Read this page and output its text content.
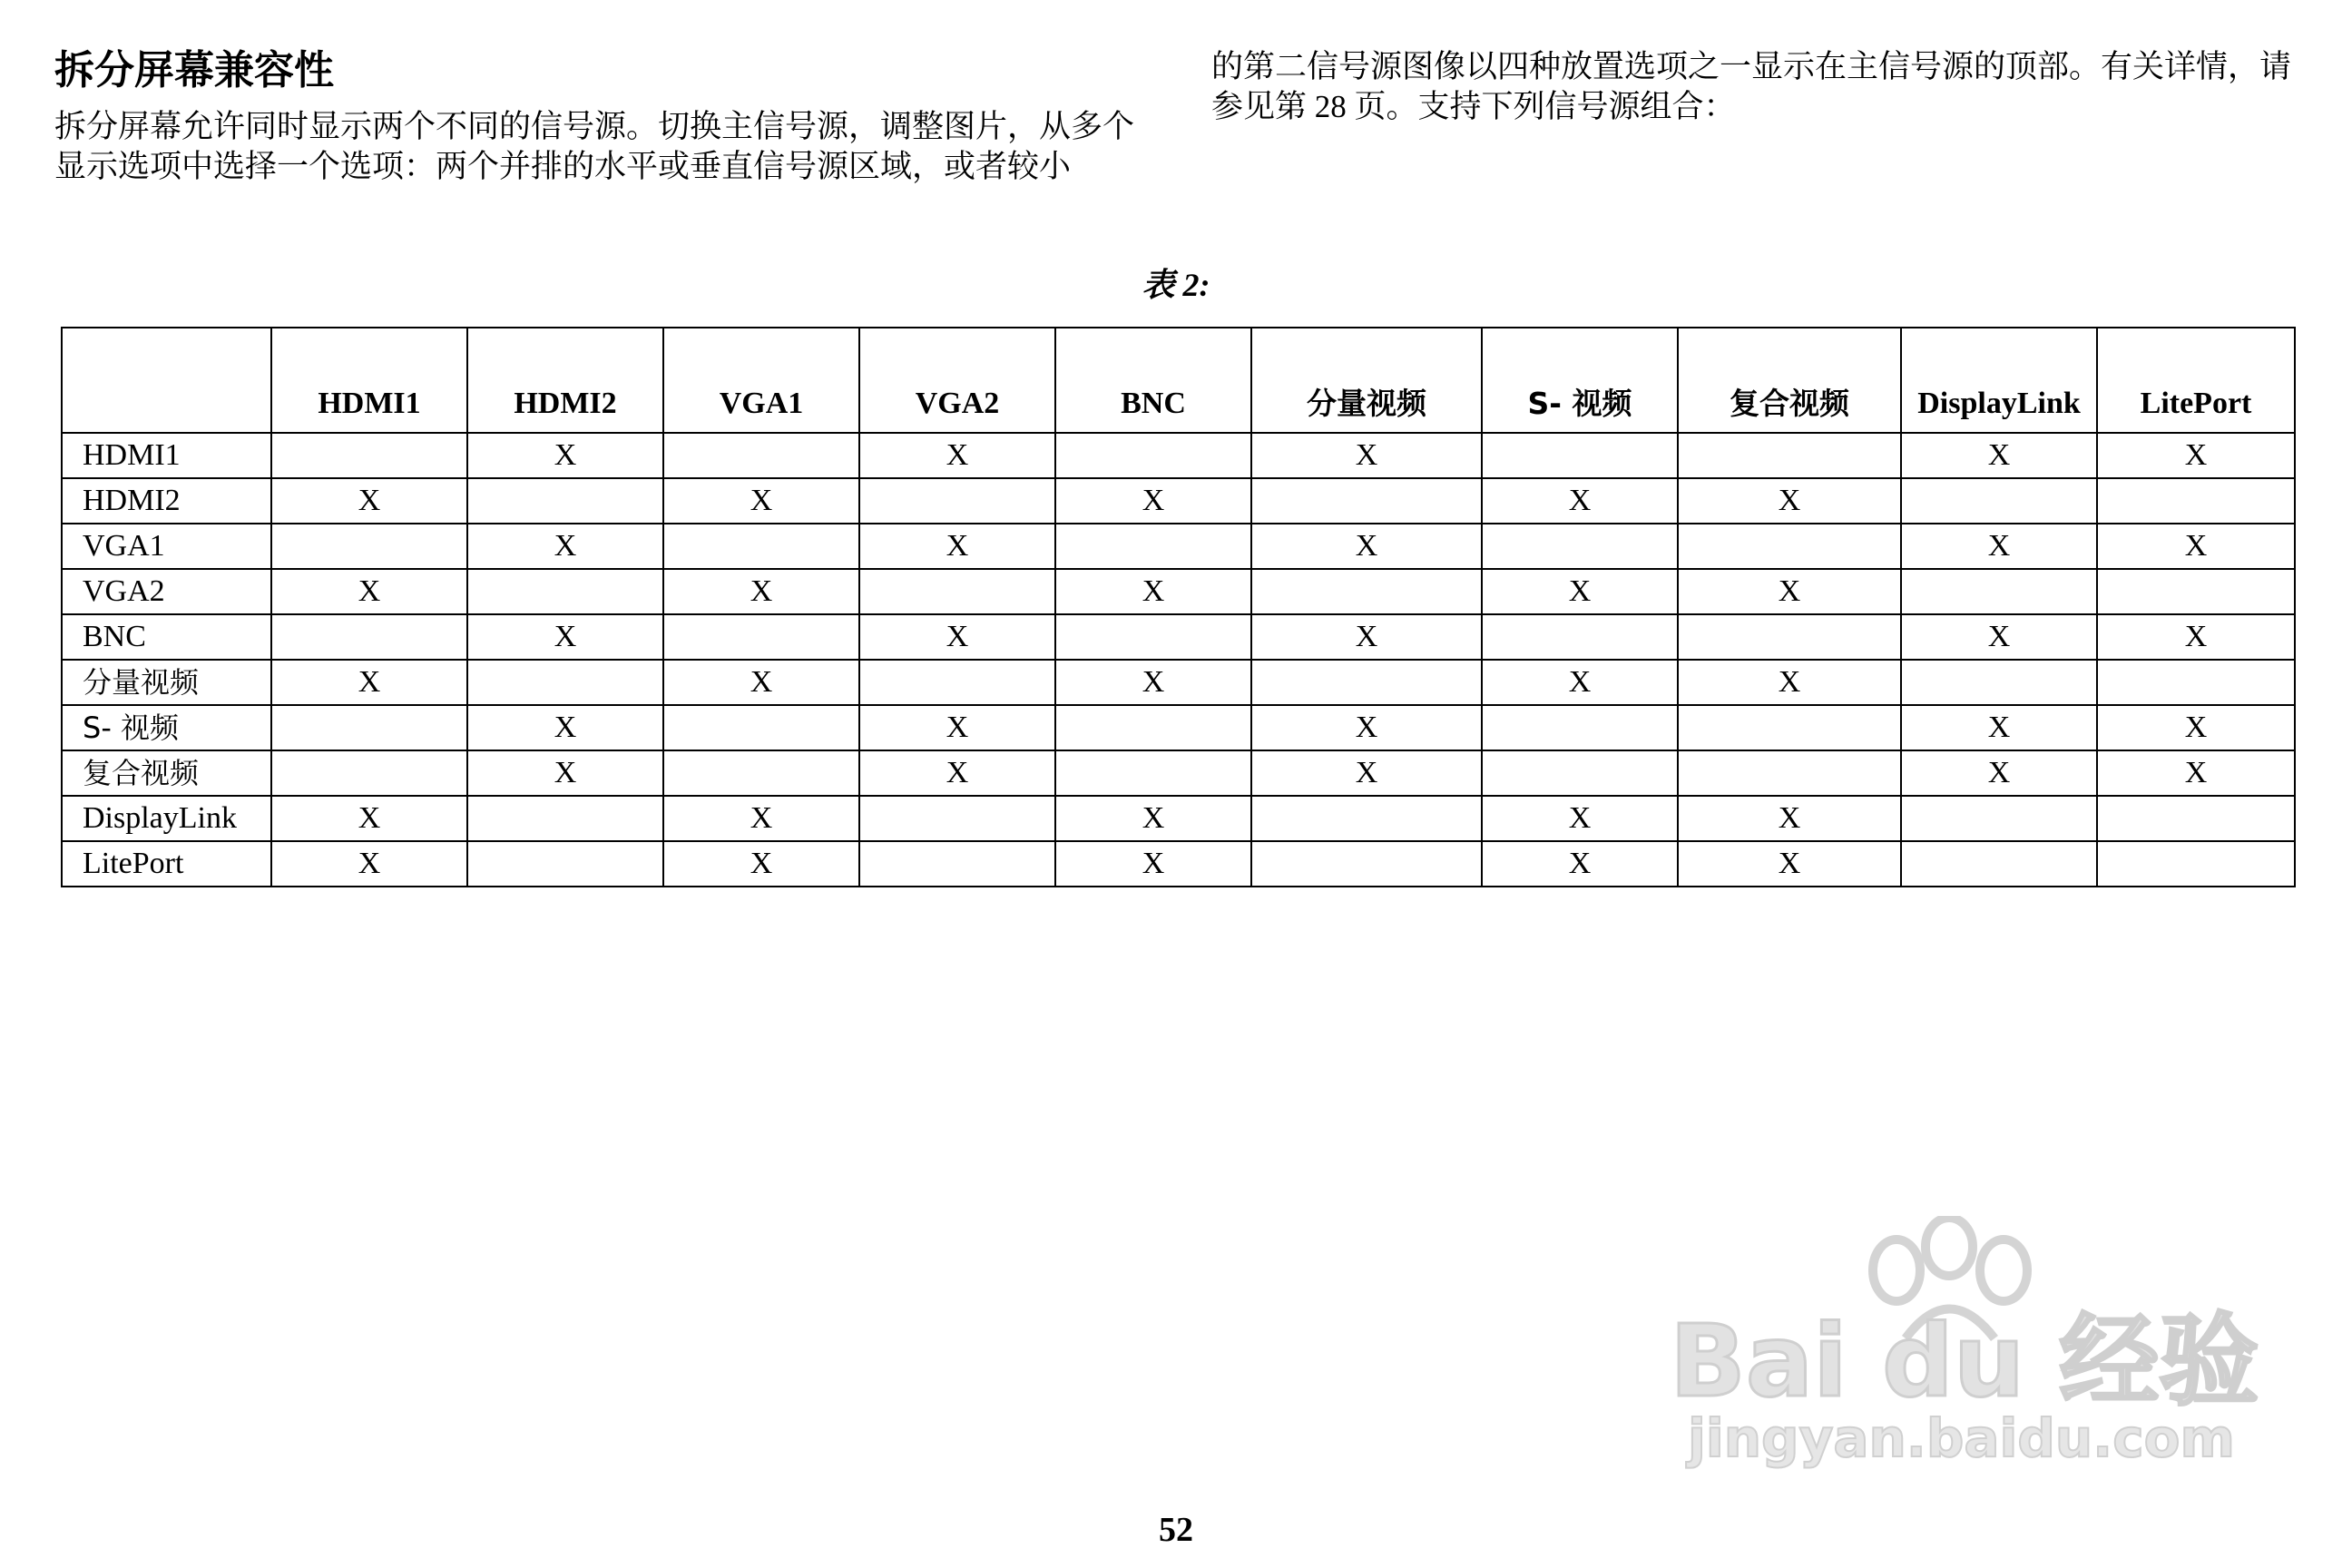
拆分屏幕兼容性

拆分屏幕允许同时显示两个不同的信号源。切换主信号源，调整图片，从多个显示选项中选择一个选项：两个并排的水平或垂直信号源区域，或者较小

的第二信号源图像以四种放置选项之一显示在主信号源的顶部。有关详情，请参见第 28 页。支持下列信号源组合：

表 2:
	HDMI1	HDMI2	VGA1	VGA2	BNC	分量视频	S- 视频	复合视频	DisplayLink	LitePort
HDMI1		X		X		X			X	X
HDMI2	X		X		X		X	X		
VGA1		X		X		X			X	X
VGA2	X		X		X		X	X		
BNC		X		X		X			X	X
分量视频	X		X		X		X	X		
S- 视频		X		X		X			X	X
复合视频		X		X		X			X	X
DisplayLink	X		X		X		X	X		
LitePort	X		X		X		X	X		
Bai du 经验
jingyan.baidu.com
52
